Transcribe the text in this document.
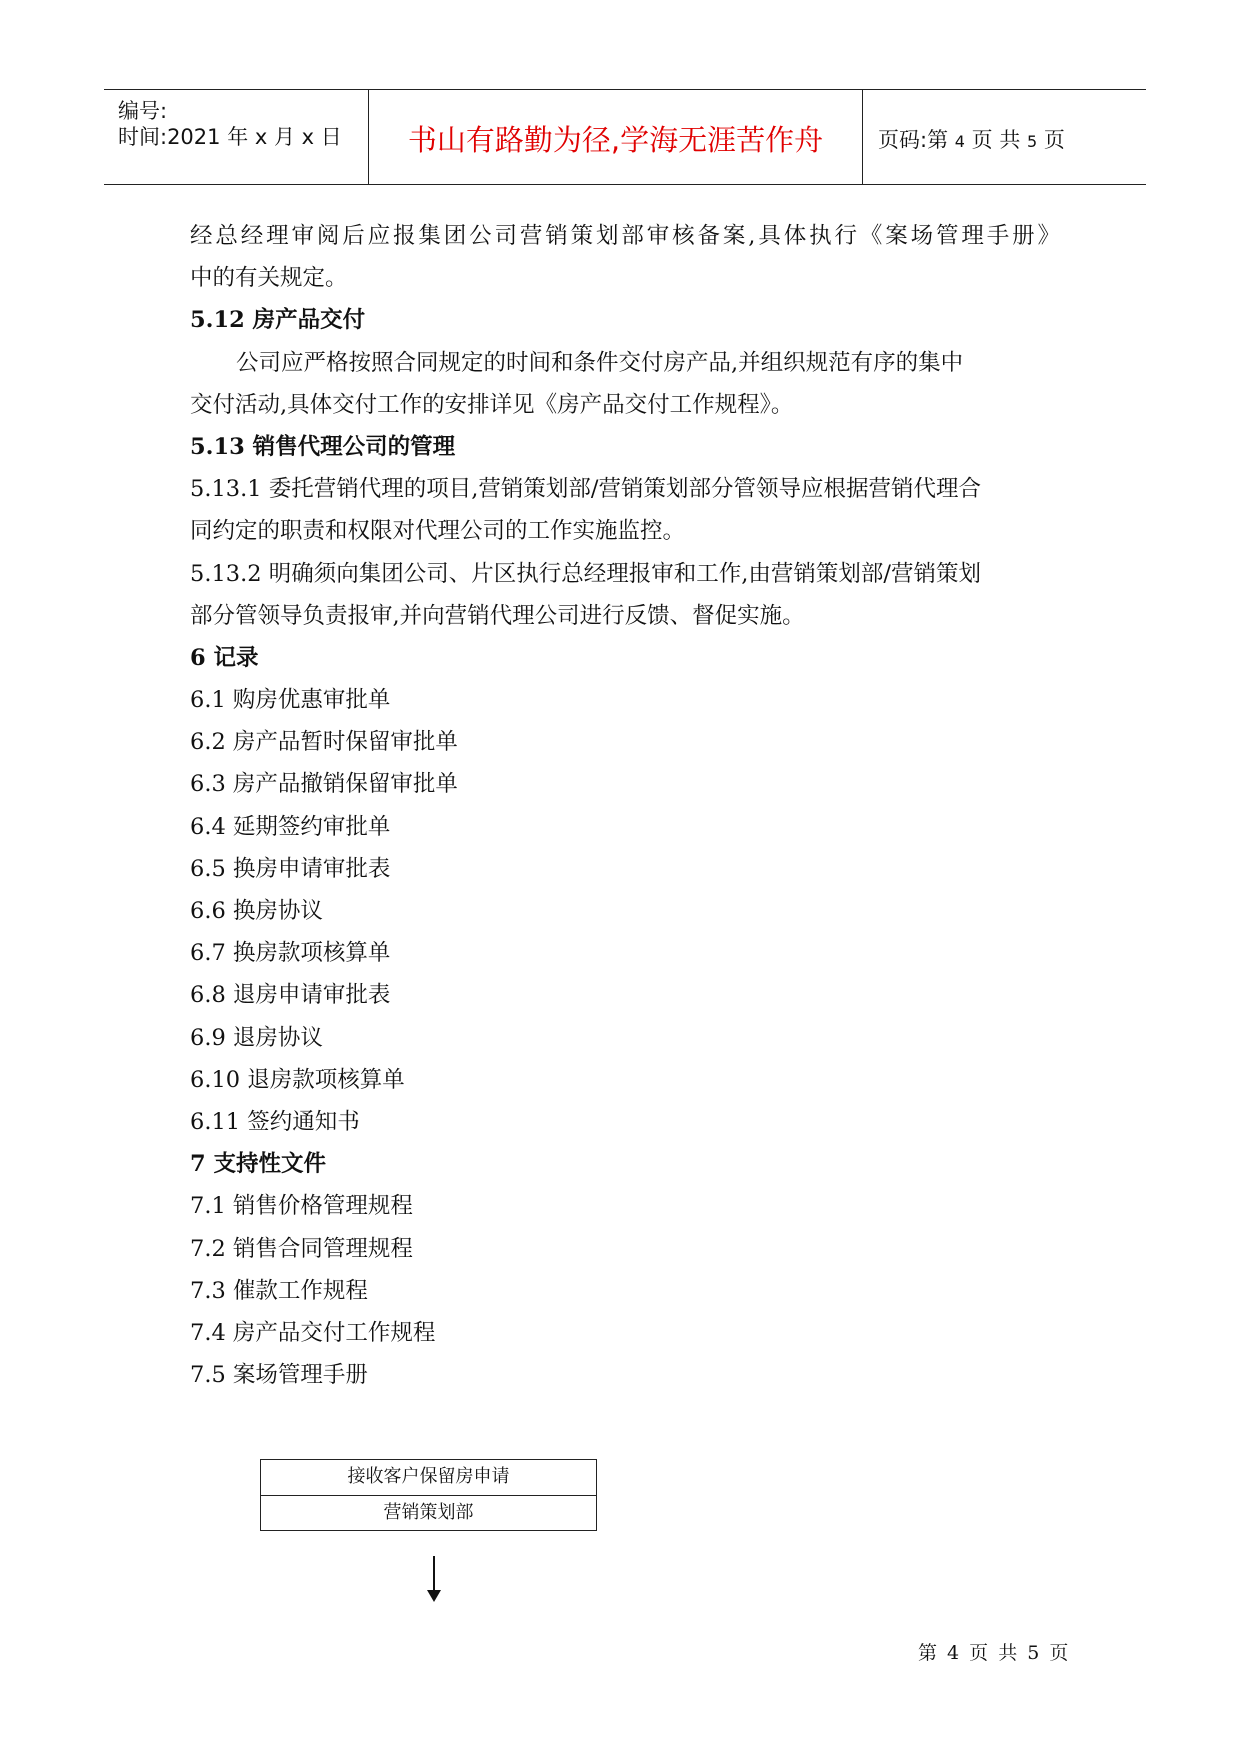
编号:
时间:2021 年 x 月 x 日	书山有路勤为径,学海无涯苦作舟	页码:第 4 页 共 5 页
经总经理审阅后应报集团公司营销策划部审核备案,具体执行《案场管理手册》
中的有关规定。
5.12 房产品交付
公司应严格按照合同规定的时间和条件交付房产品,并组织规范有序的集中
交付活动,具体交付工作的安排详见《房产品交付工作规程》。
5.13 销售代理公司的管理
5.13.1 委托营销代理的项目,营销策划部/营销策划部分管领导应根据营销代理合
同约定的职责和权限对代理公司的工作实施监控。
5.13.2 明确须向集团公司、片区执行总经理报审和工作,由营销策划部/营销策划
部分管领导负责报审,并向营销代理公司进行反馈、督促实施。
6 记录
6.1 购房优惠审批单
6.2 房产品暂时保留审批单
6.3 房产品撤销保留审批单
6.4 延期签约审批单
6.5 换房申请审批表
6.6 换房协议
6.7 换房款项核算单
6.8 退房申请审批表
6.9 退房协议
6.10 退房款项核算单
6.11 签约通知书
7 支持性文件
7.1 销售价格管理规程
7.2 销售合同管理规程
7.3 催款工作规程
7.4 房产品交付工作规程
7.5 案场管理手册
接收客户保留房申请
营销策划部
第 4 页 共 5 页
